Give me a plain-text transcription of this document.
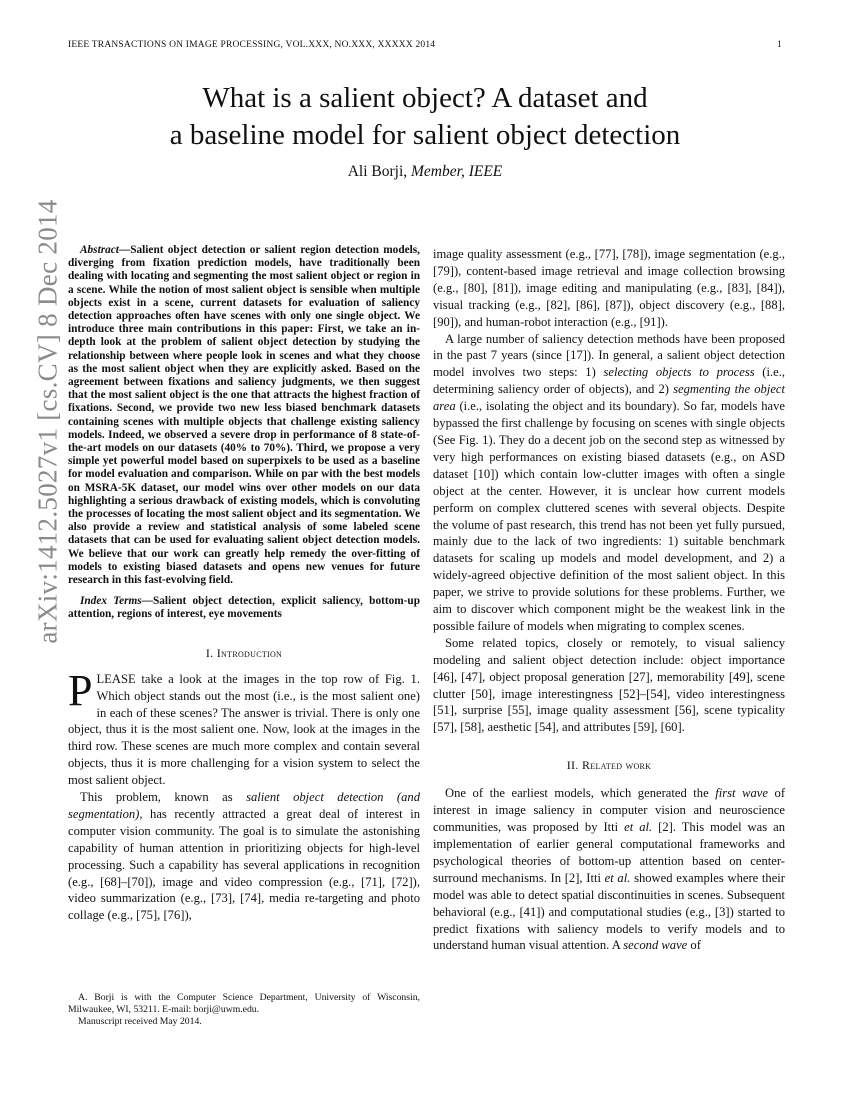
IEEE TRANSACTIONS ON IMAGE PROCESSING, VOL.XXX, NO.XXX, XXXXX 2014	1
What is a salient object? A dataset and
a baseline model for salient object detection
Ali Borji, Member, IEEE
arXiv:1412.5027v1 [cs.CV] 8 Dec 2014	Abstract—Salient object detection or salient region detection models, diverging from fixation prediction models, have traditionally been dealing with locating and segmenting the most salient object or region in a scene. While the notion of most salient object is sensible when multiple objects exist in a scene, current datasets for evaluation of saliency detection approaches often have scenes with only one single object. We introduce three main contributions in this paper: First, we take an in-depth look at the problem of salient object detection by studying the relationship between where people look in scenes and what they choose as the most salient object when they are explicitly asked. Based on the agreement between fixations and saliency judgments, we then suggest that the most salient object is the one that attracts the highest fraction of fixations. Second, we provide two new less biased benchmark datasets containing scenes with multiple objects that challenge existing saliency models. Indeed, we observed a severe drop in performance of 8 state-of-the-art models on our datasets (40% to 70%). Third, we propose a very simple yet powerful model based on superpixels to be used as a baseline for model evaluation and comparison. While on par with the best models on MSRA-5K dataset, our model wins over other models on our data highlighting a serious drawback of existing models, which is convoluting the processes of locating the most salient object and its segmentation. We also provide a review and statistical analysis of some labeled scene datasets that can be used for evaluating salient object detection models. We believe that our work can greatly help remedy the over-fitting of models to existing biased datasets and opens new venues for future research in this fast-evolving field.

Index Terms—Salient object detection, explicit saliency, bottom-up attention, regions of interest, eye movements

I. Introduction

PLEASE take a look at the images in the top row of Fig. 1. Which object stands out the most (i.e., is the most salient one) in each of these scenes? The answer is trivial. There is only one object, thus it is the most salient one. Now, look at the images in the third row. These scenes are much more complex and contain several objects, thus it is more challenging for a vision system to select the most salient object.

This problem, known as salient object detection (and segmentation), has recently attracted a great deal of interest in computer vision community. The goal is to simulate the astonishing capability of human attention in prioritizing objects for high-level processing. Such a capability has several applications in recognition (e.g., [68]–[70]), image and video compression (e.g., [71], [72]), video summarization (e.g., [73], [74], media re-targeting and photo collage (e.g., [75], [76]),

A. Borji is with the Computer Science Department, University of Wisconsin, Milwaukee, WI, 53211. E-mail: borji@uwm.edu.
Manuscript received May 2014.

image quality assessment (e.g., [77], [78]), image segmentation (e.g., [79]), content-based image retrieval and image collection browsing (e.g., [80], [81]), image editing and manipulating (e.g., [83], [84]), visual tracking (e.g., [82], [86], [87]), object discovery (e.g., [88], [90]), and human-robot interaction (e.g., [91]).

A large number of saliency detection methods have been proposed in the past 7 years (since [17]). In general, a salient object detection model involves two steps: 1) selecting objects to process (i.e., determining saliency order of objects), and 2) segmenting the object area (i.e., isolating the object and its boundary). So far, models have bypassed the first challenge by focusing on scenes with single objects (See Fig. 1). They do a decent job on the second step as witnessed by very high performances on existing biased datasets (e.g., on ASD dataset [10]) which contain low-clutter images with often a single object at the center. However, it is unclear how current models perform on complex cluttered scenes with several objects. Despite the volume of past research, this trend has not been yet fully pursued, mainly due to the lack of two ingredients: 1) suitable benchmark datasets for scaling up models and model development, and 2) a widely-agreed objective definition of the most salient object. In this paper, we strive to provide solutions for these problems. Further, we aim to discover which component might be the weakest link in the possible failure of models when migrating to complex scenes.

Some related topics, closely or remotely, to visual saliency modeling and salient object detection include: object importance [46], [47], object proposal generation [27], memorability [49], scene clutter [50], image interestingness [52]–[54], video interestingness [51], surprise [55], image quality assessment [56], scene typicality [57], [58], aesthetic [54], and attributes [59], [60].

II. Related work

One of the earliest models, which generated the first wave of interest in image saliency in computer vision and neuroscience communities, was proposed by Itti et al. [2]. This model was an implementation of earlier general computational frameworks and psychological theories of bottom-up attention based on center-surround mechanisms. In [2], Itti et al. showed examples where their model was able to detect spatial discontinuities in scenes. Subsequent behavioral (e.g., [41]) and computational studies (e.g., [3]) started to predict fixations with saliency models to verify models and to understand human visual attention. A second wave of
